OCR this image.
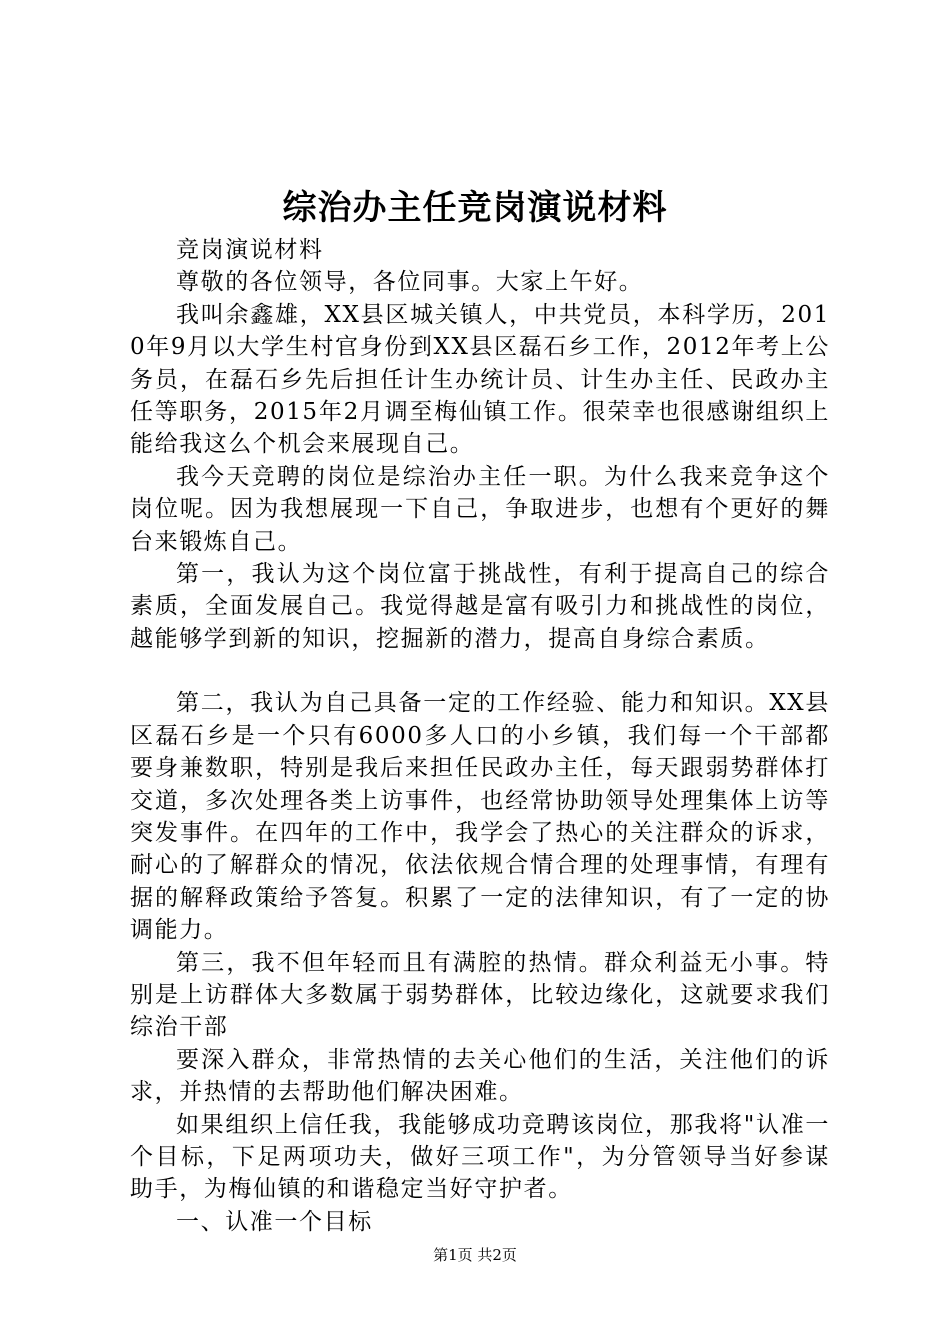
综治办主任竞岗演说材料

竞岗演说材料

尊敬的各位领导，各位同事。大家上午好。

我叫余鑫雄，XX县区城关镇人，中共党员，本科学历，2010年9月以大学生村官身份到XX县区磊石乡工作，2012年考上公务员，在磊石乡先后担任计生办统计员、计生办主任、民政办主任等职务，2015年2月调至梅仙镇工作。很荣幸也很感谢组织上能给我这么个机会来展现自己。

我今天竞聘的岗位是综治办主任一职。为什么我来竞争这个岗位呢。因为我想展现一下自己，争取进步，也想有个更好的舞台来锻炼自己。

第一，我认为这个岗位富于挑战性，有利于提高自己的综合素质，全面发展自己。我觉得越是富有吸引力和挑战性的岗位，越能够学到新的知识，挖掘新的潜力，提高自身综合素质。

第二，我认为自己具备一定的工作经验、能力和知识。XX县区磊石乡是一个只有6000多人口的小乡镇，我们每一个干部都要身兼数职，特别是我后来担任民政办主任，每天跟弱势群体打交道，多次处理各类上访事件，也经常协助领导处理集体上访等突发事件。在四年的工作中，我学会了热心的关注群众的诉求，耐心的了解群众的情况，依法依规合情合理的处理事情，有理有据的解释政策给予答复。积累了一定的法律知识，有了一定的协调能力。

第三，我不但年轻而且有满腔的热情。群众利益无小事。特别是上访群体大多数属于弱势群体，比较边缘化，这就要求我们综治干部

要深入群众，非常热情的去关心他们的生活，关注他们的诉求，并热情的去帮助他们解决困难。

如果组织上信任我，我能够成功竞聘该岗位，那我将"认准一个目标，下足两项功夫，做好三项工作"，为分管领导当好参谋助手，为梅仙镇的和谐稳定当好守护者。

一、认准一个目标

第1页 共2页
